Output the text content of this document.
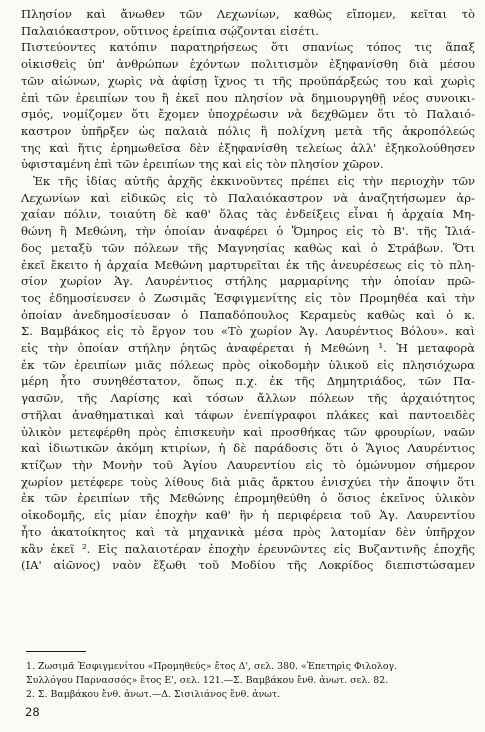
Πλησίον καὶ ἄνωθεν τῶν Λεχωνίων, καθὼς εἴπομεν, κεῖται τὸ
Παλαιόκαστρον, οὕτινος ἐρείπια σῴζονται εἰσέτι.
Πιστεύοντες κατόπιν παρατηρήσεως ὅτι σπανίως τόπος τις ἅπαξ
οἰκισθεὶς ὑπ' ἀνθρώπων ἐχόντων πολιτισμὸν ἐξηφανίσθη διὰ μέσου
τῶν αἰώνων, χωρὶς νὰ ἀφίσῃ ἴχνος τι τῆς προϋπάρξεώς του καὶ χωρὶς
ἐπὶ τῶν ἐρειπίων του ἢ ἐκεῖ που πλησίον νὰ δημιουργηθῇ νέος συνοικι-
σμός, νομίζομεν ὅτι ἔχομεν ὑποχρέωσιν νὰ δεχθῶμεν ὅτι τὸ Παλαιό-
καστρον ὑπῆρξεν ὡς παλαιὰ πόλις ἢ πολίχνη μετὰ τῆς ἀκροπόλεώς
της καὶ ἥτις ἐρημωθεῖσα δὲν ἐξηφανίσθη τελείως ἀλλ' ἐξηκολούθησεν
ὑφισταμένη ἐπὶ τῶν ἐρειπίων της καὶ εἰς τὸν πλησίον χῶρον.
Ἐκ τῆς ἰδίας αὐτῆς ἀρχῆς ἐκκινοῦντες πρέπει εἰς τὴν περιοχὴν τῶν
Λεχωνίων καὶ εἰδικῶς εἰς τὸ Παλαιόκαστρον νὰ ἀναζητήσωμεν ἀρ-
χαίαν πόλιν, τοιαύτη δὲ καθ' ὅλας τὰς ἐνδείξεις εἶναι ἡ ἀρχαία Μη-
θώνη ἢ Μεθώνη, τὴν ὁποίαν ἀναφέρει ὁ Ὅμηρος εἰς τὸ Β'. τῆς Ἰλιά-
δος μεταξὺ τῶν πόλεων τῆς Μαγνησίας καθὼς καὶ ὁ Στράβων. Ὅτι
ἐκεῖ ἔκειτο ἡ ἀρχαία Μεθώνη μαρτυρεῖται ἐκ τῆς ἀνευρέσεως εἰς τὸ πλη-
σίον χωρίον Ἁγ. Λαυρέντιος στήλης μαρμαρίνης τὴν ὁποίαν πρῶ-
τος ἐδημοσίευσεν ὁ Ζωσιμᾶς Ἐσφιγμενίτης εἰς τὸν Προμηθέα καὶ τὴν
ὁποίαν ἀνεδημοσίευσαν ὁ Παπαδόπουλος Κεραμεὺς καθὼς καὶ ὁ κ.
Σ. Βαμβάκος εἰς τὸ ἔργον του «Τὸ χωρίον Ἁγ. Λαυρέντιος Βόλου». καὶ
εἰς τὴν ὁποίαν στήλην ῥητῶς ἀναφέρεται ἡ Μεθώνη ¹. Ἡ μεταφορὰ
ἐκ τῶν ἐρειπίων μιᾶς πόλεως πρὸς οἰκοδομὴν ὑλικοῦ εἰς πλησιόχωρα
μέρη ἦτο συνηθέστατον, ὅπως π.χ. ἐκ τῆς Δημητριάδος, τῶν Πα-
γασῶν, τῆς Λαρίσης καὶ τόσων ἄλλων πόλεων τῆς ἀρχαιότητος
στῆλαι ἀναθηματικαὶ καὶ τάφων ἐνεπίγραφοι πλάκες καὶ παντοειδὲς
ὑλικὸν μετεφέρθη πρὸς ἐπισκευὴν καὶ προσθήκας τῶν φρουρίων, ναῶν
καὶ ἰδιωτικῶν ἀκόμη κτιρίων, ἡ δὲ παράδοσις ὅτι ὁ Ἅγιος Λαυρέντιος
κτίζων τὴν Μονὴν τοῦ Ἁγίου Λαυρεντίου εἰς τὸ ὁμώνυμον σήμερον
χωρίον μετέφερε τοὺς λίθους διὰ μιᾶς ἄρκτου ἐνισχύει τὴν ἄποψιν ὅτι
ἐκ τῶν ἐρειπίων τῆς Μεθώνης ἐπρομηθεύθη ὁ ὅσιος ἐκεῖνος ὑλικὸν
οἰκοδομῆς, εἰς μίαν ἐποχὴν καθ' ἣν ἡ περιφέρεια τοῦ Ἁγ. Λαυρεντίου
ἦτο ἀκατοίκητος καὶ τὰ μηχανικὰ μέσα πρὸς λατομίαν δὲν ὑπῆρχον
κἂν ἐκεῖ ². Εἰς παλαιοτέραν ἐποχὴν ἐρευνῶντες εἰς Βυζαντινῆς ἐποχῆς
(ΙΑ' αἰῶνος) ναὸν ἔξωθι τοῦ Μοδίου τῆς Λοκρίδος διεπιστώσαμεν
1. Ζωσιμᾶ Ἐσφιγμενίτου «Προμηθεύς» ἔτος Δ', σελ. 380. «Ἐπετηρὶς Φιλολογ.
Συλλόγου Παρνασσός» ἔτος Ε', σελ. 121.—Σ. Βαμβάκου ἔνθ. ἀνωτ. σελ. 82.
2. Σ. Βαμβάκου ἔνθ. ἀνωτ.—Δ. Σισιλιάνος ἔνθ. ἀνωτ.
28
